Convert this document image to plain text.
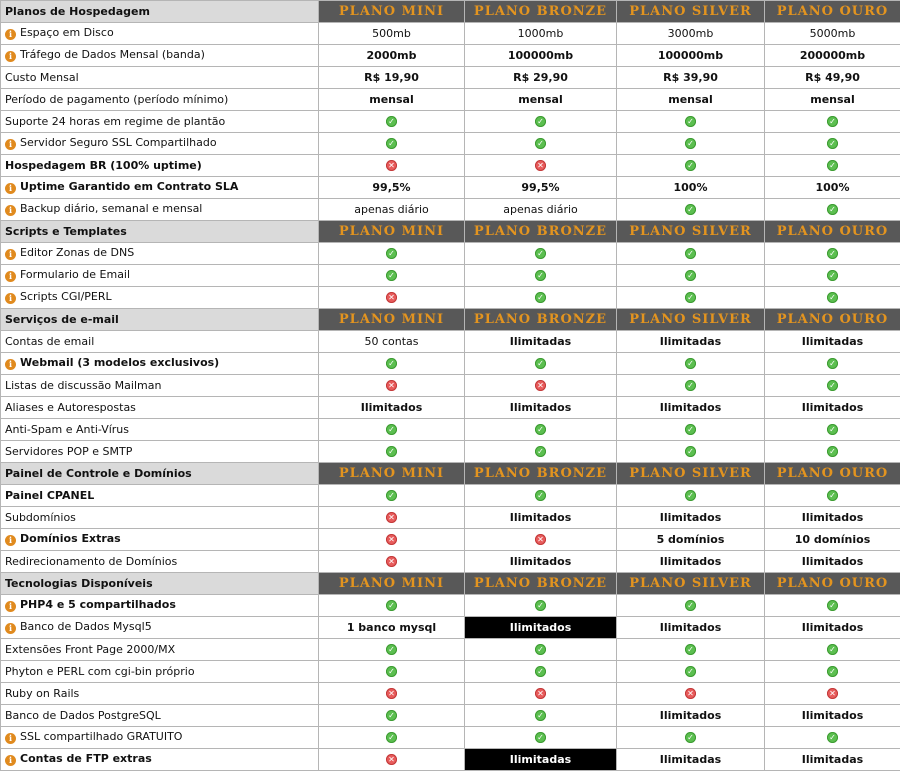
Planos de Hospedagem	PLANO MINI	PLANO BRONZE	PLANO SILVER	PLANO OURO
i Espaço em Disco	500mb	1000mb	3000mb	5000mb
i Tráfego de Dados Mensal (banda)	2000mb	100000mb	100000mb	200000mb
Custo Mensal	R$ 19,90	R$ 29,90	R$ 39,90	R$ 49,90
Período de pagamento (período mínimo)	mensal	mensal	mensal	mensal
Suporte 24 horas em regime de plantão	✓	✓	✓	✓
i Servidor Seguro SSL Compartilhado	✓	✓	✓	✓
Hospedagem BR (100% uptime)	✕	✕	✓	✓
i Uptime Garantido em Contrato SLA	99,5%	99,5%	100%	100%
i Backup diário, semanal e mensal	apenas diário	apenas diário	✓	✓
Scripts e Templates	PLANO MINI	PLANO BRONZE	PLANO SILVER	PLANO OURO
i Editor Zonas de DNS	✓	✓	✓	✓
i Formulario de Email	✓	✓	✓	✓
i Scripts CGI/PERL	✕	✓	✓	✓
Serviços de e-mail	PLANO MINI	PLANO BRONZE	PLANO SILVER	PLANO OURO
Contas de email	50 contas	Ilimitadas	Ilimitadas	Ilimitadas
i Webmail (3 modelos exclusivos)	✓	✓	✓	✓
Listas de discussão Mailman	✕	✕	✓	✓
Aliases e Autorespostas	Ilimitados	Ilimitados	Ilimitados	Ilimitados
Anti-Spam e Anti-Vírus	✓	✓	✓	✓
Servidores POP e SMTP	✓	✓	✓	✓
Painel de Controle e Domínios	PLANO MINI	PLANO BRONZE	PLANO SILVER	PLANO OURO
Painel CPANEL	✓	✓	✓	✓
Subdomínios	✕	Ilimitados	Ilimitados	Ilimitados
i Domínios Extras	✕	✕	5 domínios	10 domínios
Redirecionamento de Domínios	✕	Ilimitados	Ilimitados	Ilimitados
Tecnologias Disponíveis	PLANO MINI	PLANO BRONZE	PLANO SILVER	PLANO OURO
i PHP4 e 5 compartilhados	✓	✓	✓	✓
i Banco de Dados Mysql5	1 banco mysql	Ilimitados	Ilimitados	Ilimitados
Extensões Front Page 2000/MX	✓	✓	✓	✓
Phyton e PERL com cgi-bin próprio	✓	✓	✓	✓
Ruby on Rails	✕	✕	✕	✕
Banco de Dados PostgreSQL	✓	✓	Ilimitados	Ilimitados
i SSL compartilhado GRATUITO	✓	✓	✓	✓
i Contas de FTP extras	✕	Ilimitadas	Ilimitadas	Ilimitadas
